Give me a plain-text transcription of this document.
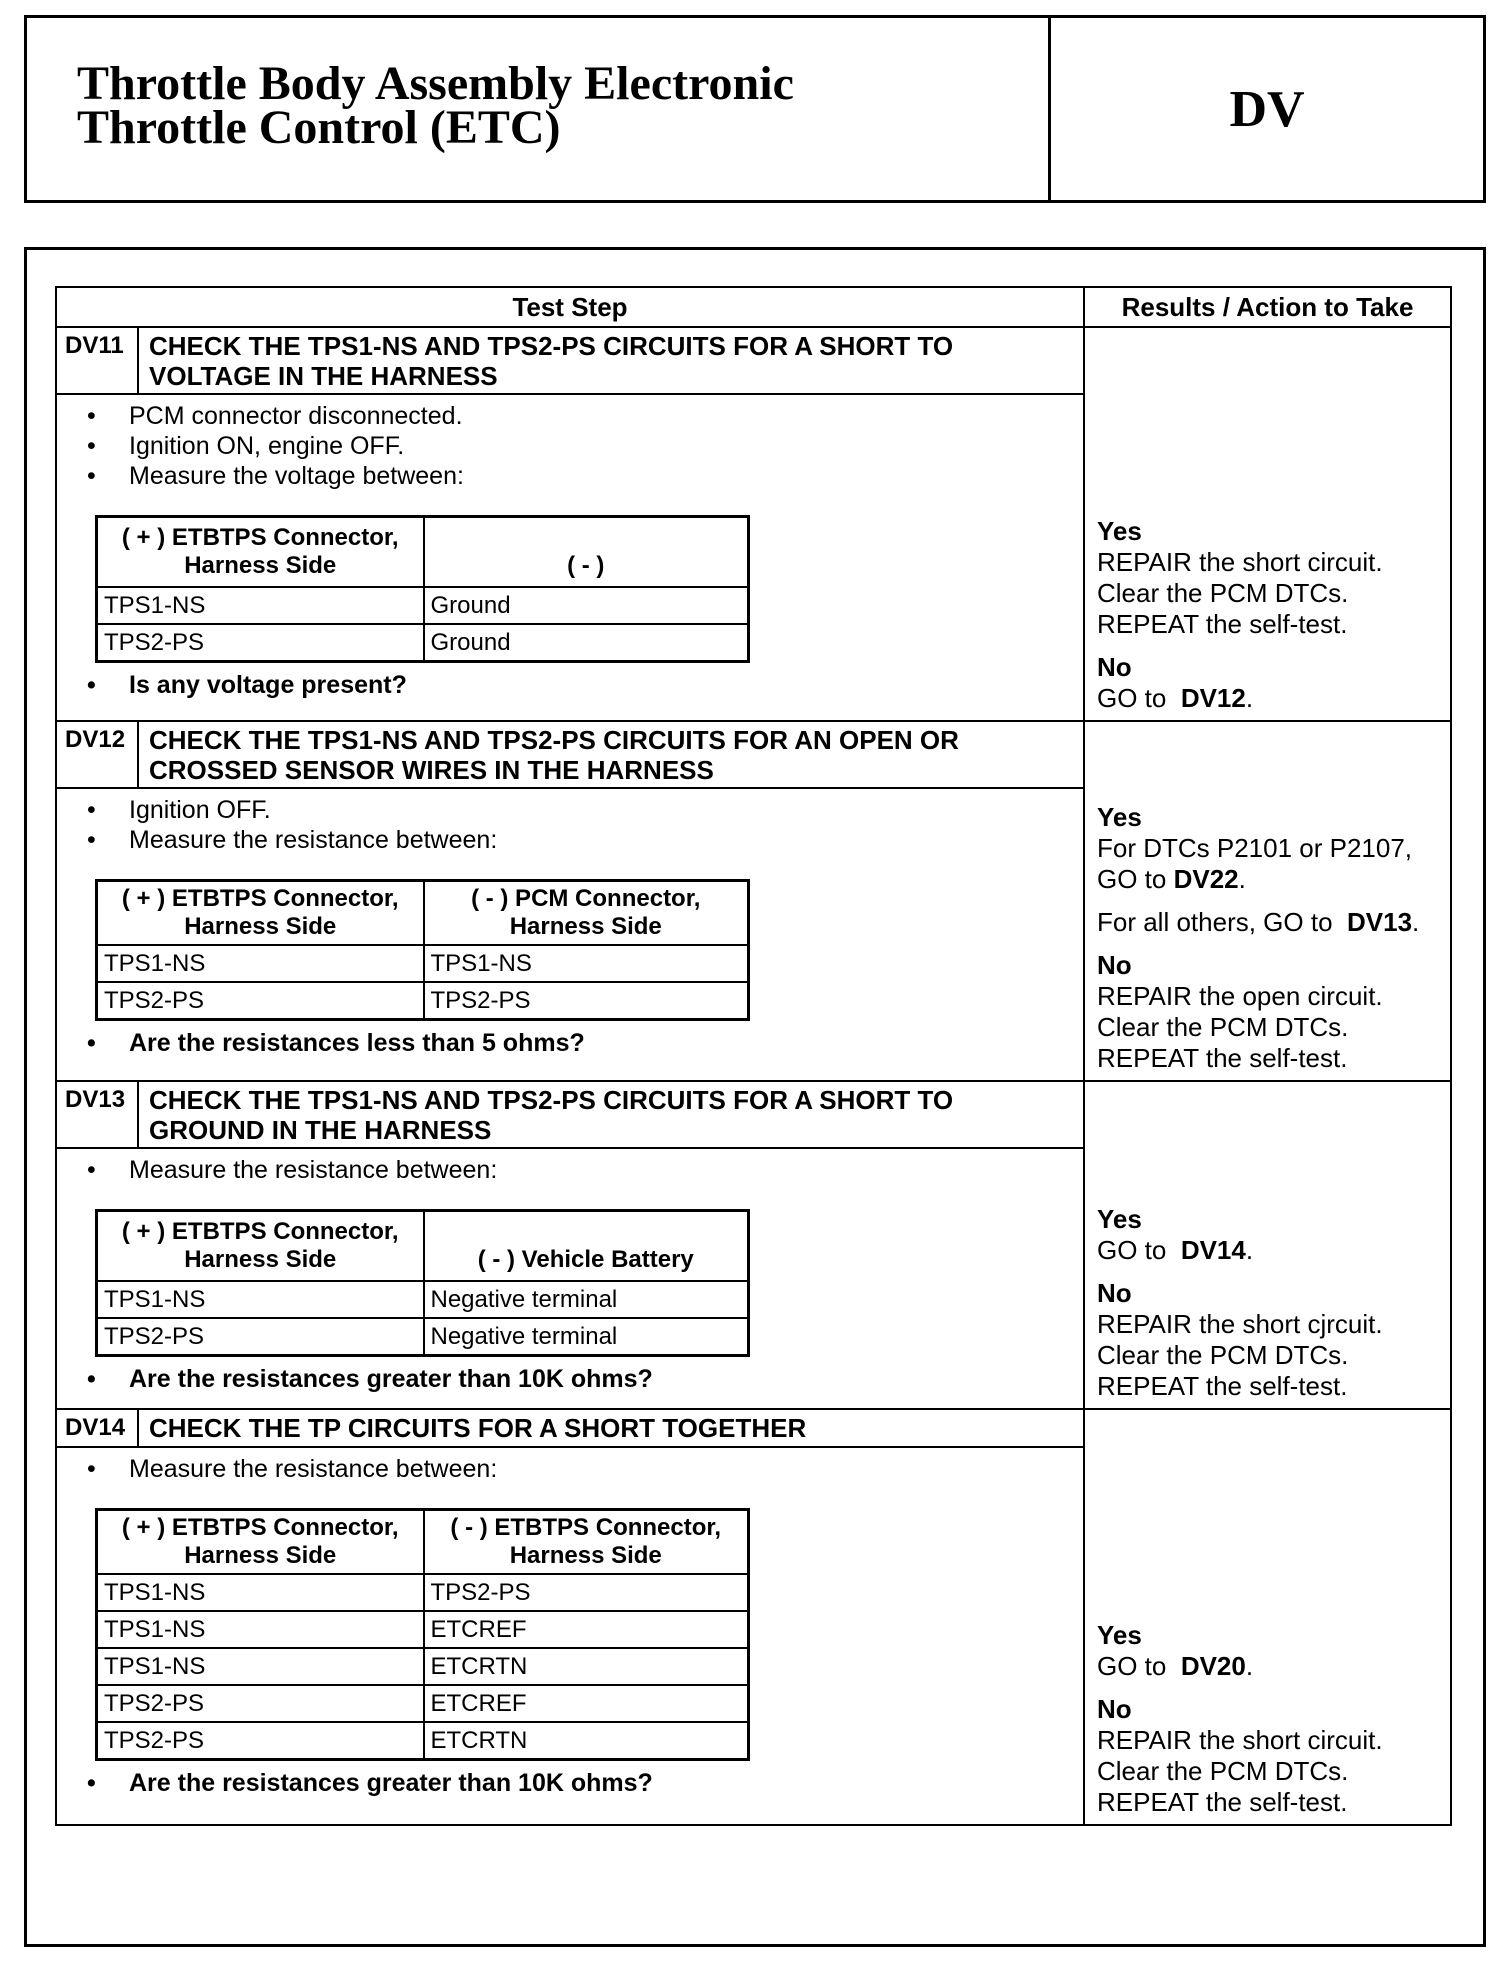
Throttle Body Assembly Electronic
Throttle Control (ETC)	DV
Test Step	Results / Action to Take

DV11 CHECK THE TPS1-NS AND TPS2-PS CIRCUITS FOR A SHORT TO VOLTAGE IN THE HARNESS
• PCM connector disconnected.
• Ignition ON, engine OFF.
• Measure the voltage between:
( + ) ETBTPS Connector, Harness Side	( - )
TPS1-NS	Ground
TPS2-PS	Ground
• Is any voltage present?

Yes
REPAIR the short circuit. Clear the PCM DTCs. REPEAT the self-test.
No
GO to DV12.

DV12 CHECK THE TPS1-NS AND TPS2-PS CIRCUITS FOR AN OPEN OR CROSSED SENSOR WIRES IN THE HARNESS
• Ignition OFF.
• Measure the resistance between:
( + ) ETBTPS Connector, Harness Side	( - ) PCM Connector, Harness Side
TPS1-NS	TPS1-NS
TPS2-PS	TPS2-PS
• Are the resistances less than 5 ohms?

Yes
For DTCs P2101 or P2107, GO to DV22.
For all others, GO to DV13.
No
REPAIR the open circuit. Clear the PCM DTCs. REPEAT the self-test.

DV13 CHECK THE TPS1-NS AND TPS2-PS CIRCUITS FOR A SHORT TO GROUND IN THE HARNESS
• Measure the resistance between:
( + ) ETBTPS Connector, Harness Side	( - ) Vehicle Battery
TPS1-NS	Negative terminal
TPS2-PS	Negative terminal
• Are the resistances greater than 10K ohms?

Yes
GO to DV14.
No
REPAIR the short cjrcuit. Clear the PCM DTCs. REPEAT the self-test.

DV14 CHECK THE TP CIRCUITS FOR A SHORT TOGETHER
• Measure the resistance between:
( + ) ETBTPS Connector, Harness Side	( - ) ETBTPS Connector, Harness Side
TPS1-NS	TPS2-PS
TPS1-NS	ETCREF
TPS1-NS	ETCRTN
TPS2-PS	ETCREF
TPS2-PS	ETCRTN
• Are the resistances greater than 10K ohms?

Yes
GO to DV20.
No
REPAIR the short circuit. Clear the PCM DTCs. REPEAT the self-test.
